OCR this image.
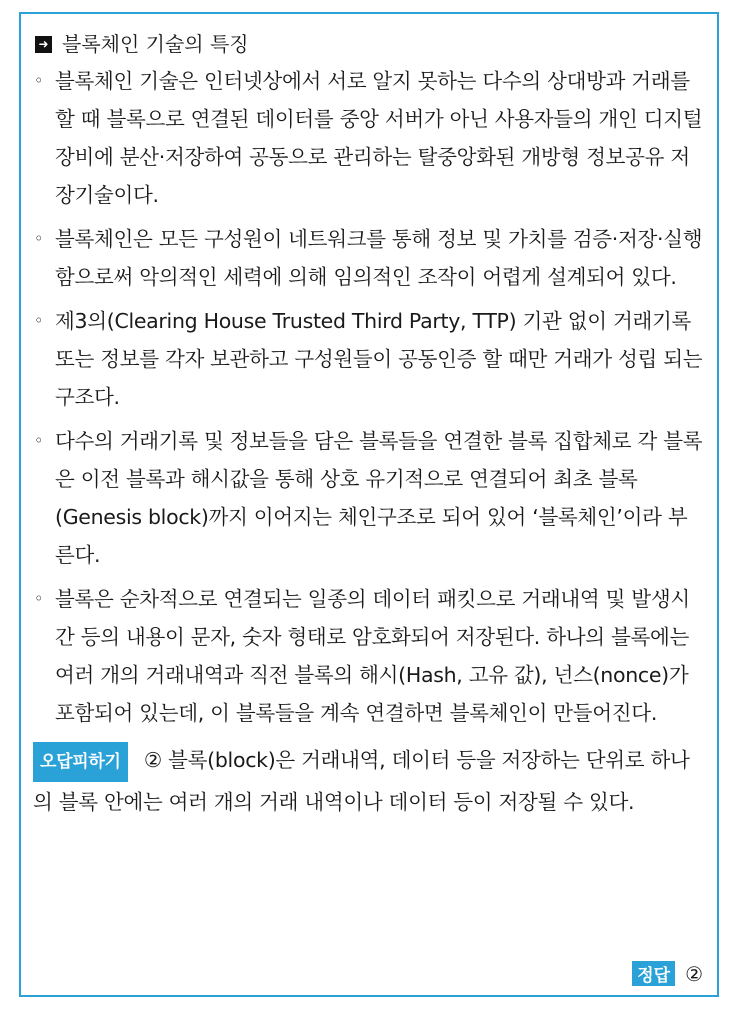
➜ 블록체인 기술의 특징
◦ 블록체인 기술은 인터넷상에서 서로 알지 못하는 다수의 상대방과 거래를 할 때 블록으로 연결된 데이터를 중앙 서버가 아닌 사용자들의 개인 디지털장비에 분산·저장하여 공동으로 관리하는 탈중앙화된 개방형 정보공유 저장기술이다.
◦ 블록체인은 모든 구성원이 네트워크를 통해 정보 및 가치를 검증·저장·실행함으로써 악의적인 세력에 의해 임의적인 조작이 어렵게 설계되어 있다.
◦ 제3의(Clearing House Trusted Third Party, TTP) 기관 없이 거래기록 또는 정보를 각자 보관하고 구성원들이 공동인증 할 때만 거래가 성립 되는 구조다.
◦ 다수의 거래기록 및 정보들을 담은 블록들을 연결한 블록 집합체로 각 블록은 이전 블록과 해시값을 통해 상호 유기적으로 연결되어 최초 블록(Genesis block)까지 이어지는 체인구조로 되어 있어 ‘블록체인’이라 부른다.
◦ 블록은 순차적으로 연결되는 일종의 데이터 패킷으로 거래내역 및 발생시간 등의 내용이 문자, 숫자 형태로 암호화되어 저장된다. 하나의 블록에는 여러 개의 거래내역과 직전 블록의 해시(Hash, 고유 값), 넌스(nonce)가 포함되어 있는데, 이 블록들을 계속 연결하면 블록체인이 만들어진다.
오답피하기 ② 블록(block)은 거래내역, 데이터 등을 저장하는 단위로 하나의 블록 안에는 여러 개의 거래 내역이나 데이터 등이 저장될 수 있다.
정답 ②
